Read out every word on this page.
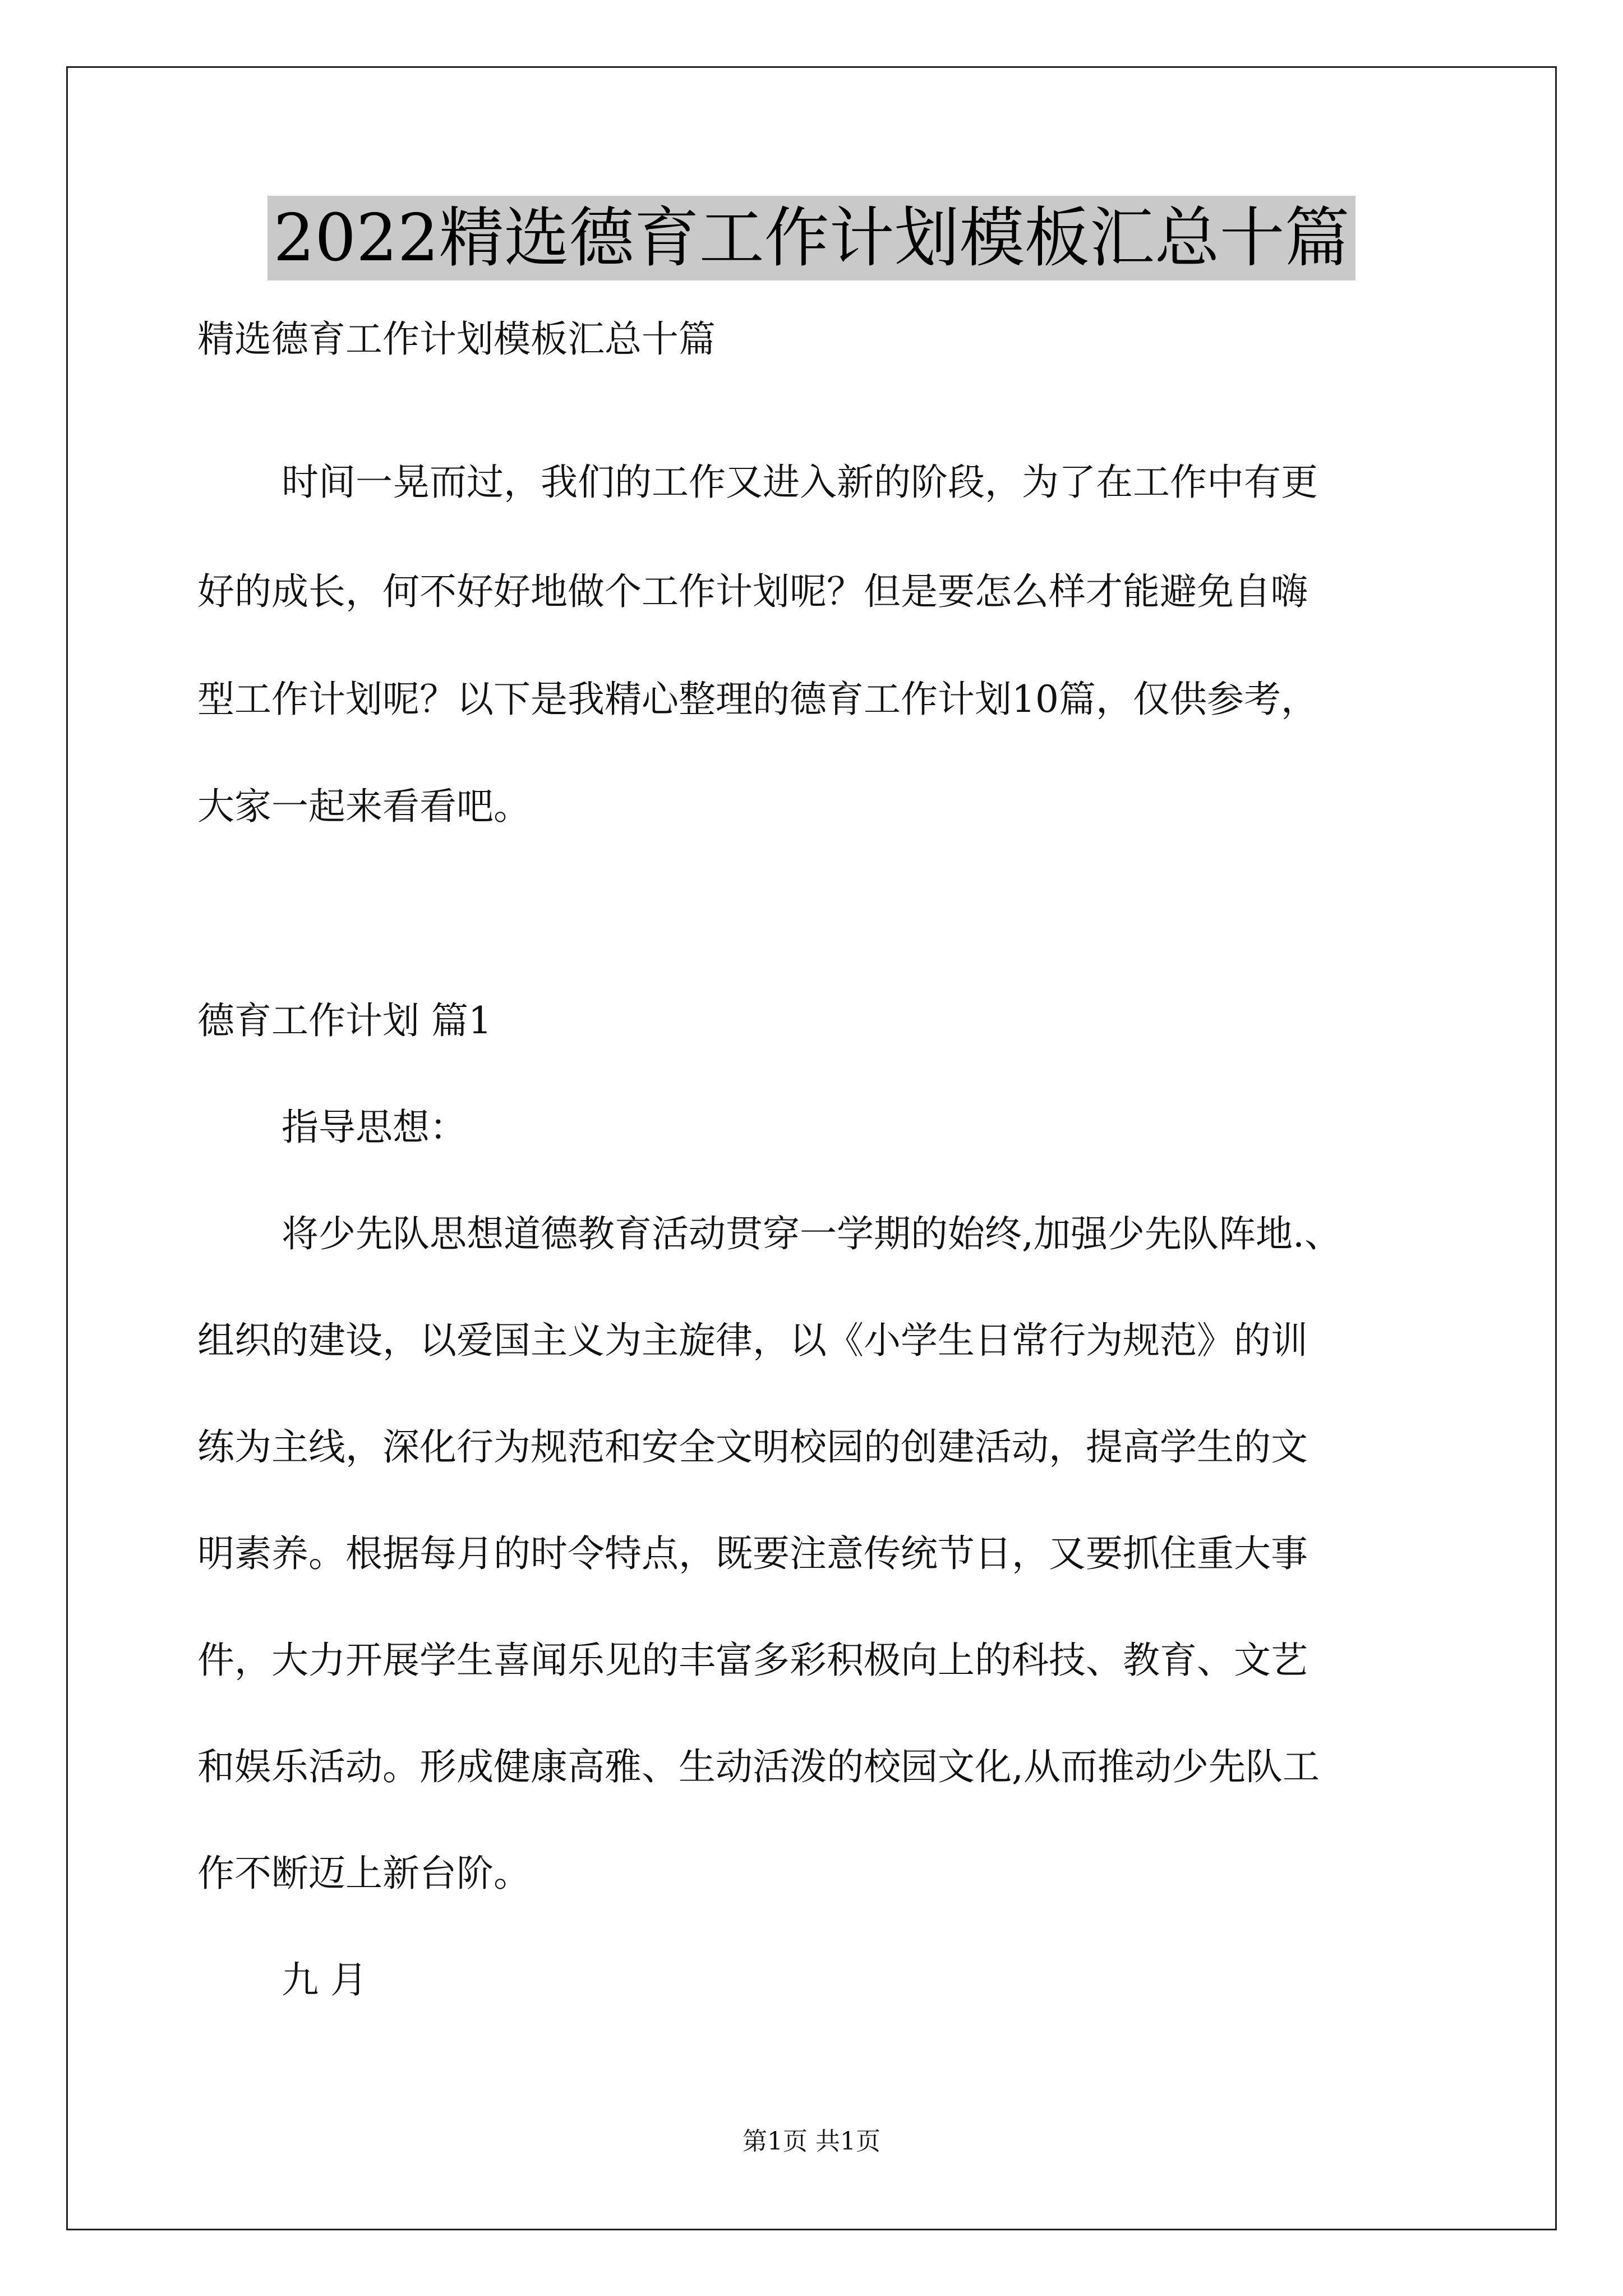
2022精选德育工作计划模板汇总十篇
精选德育工作计划模板汇总十篇
时间一晃而过，我们的工作又进入新的阶段，为了在工作中有更
好的成长，何不好好地做个工作计划呢？但是要怎么样才能避免自嗨
型工作计划呢？以下是我精心整理的德育工作计划10篇，仅供参考，
大家一起来看看吧。
德育工作计划 篇1
指导思想：
将少先队思想道德教育活动贯穿一学期的始终,加强少先队阵地.、
组织的建设，以爱国主义为主旋律，以《小学生日常行为规范》的训
练为主线，深化行为规范和安全文明校园的创建活动，提高学生的文
明素养。根据每月的时令特点，既要注意传统节日，又要抓住重大事
件，大力开展学生喜闻乐见的丰富多彩积极向上的科技、教育、文艺
和娱乐活动。形成健康高雅、生动活泼的校园文化,从而推动少先队工
作不断迈上新台阶。
九 月
第1页 共1页
